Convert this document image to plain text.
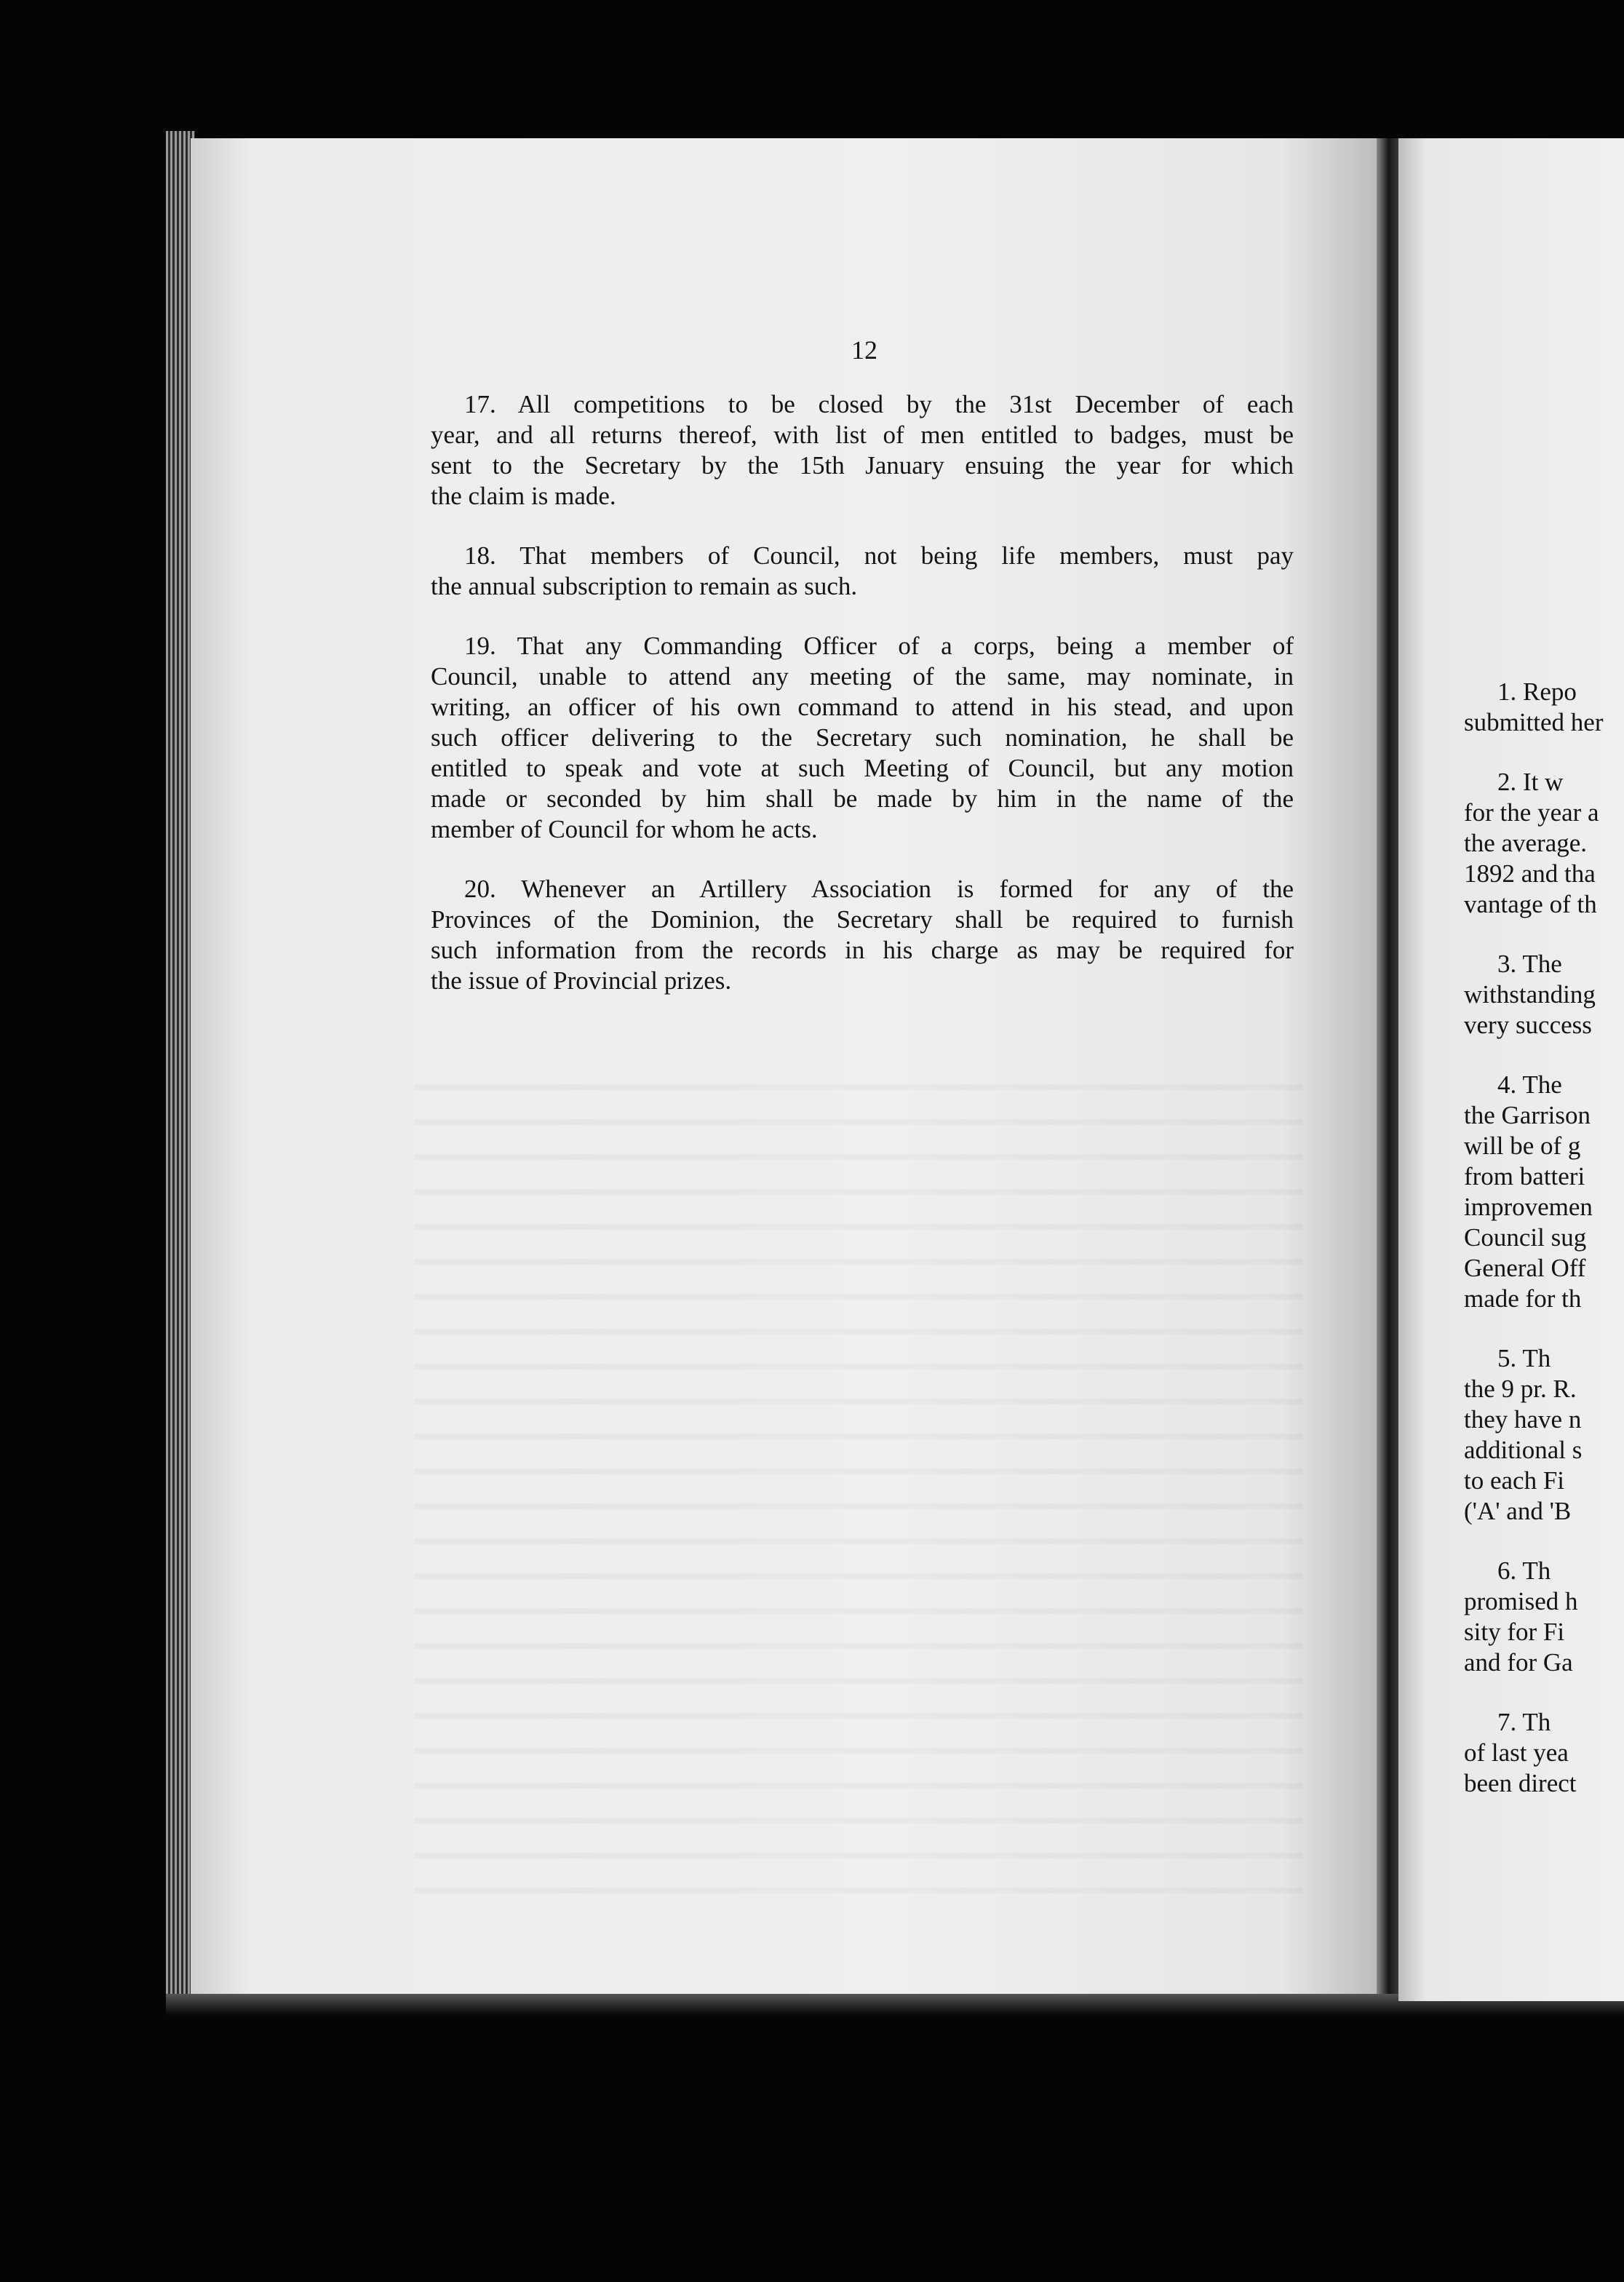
12
17. All competitions to be closed by the 31st December of each
year, and all returns thereof, with list of men entitled to badges, must be
sent to the Secretary by the 15th January ensuing the year for which
the claim is made.
18. That members of Council, not being life members, must pay
the annual subscription to remain as such.
19. That any Commanding Officer of a corps, being a member of
Council, unable to attend any meeting of the same, may nominate, in
writing, an officer of his own command to attend in his stead, and upon
such officer delivering to the Secretary such nomination, he shall be
entitled to speak and vote at such Meeting of Council, but any motion
made or seconded by him shall be made by him in the name of the
member of Council for whom he acts.
20. Whenever an Artillery Association is formed for any of the
Provinces of the Dominion, the Secretary shall be required to furnish
such information from the records in his charge as may be required for
the issue of Provincial prizes.
1. Repo
submitted her
2. It w
for the year a
the average.
1892 and tha
vantage of th
3. The
withstanding
very success
4. The
the Garrison
will be of g
from batteri
improvemen
Council sug
General Off
made for th
5. Th
the 9 pr. R.
they have n
additional s
to each Fi
('A' and 'B
6. Th
promised h
sity for Fi
and for Ga
7. Th
of last yea
been direct
